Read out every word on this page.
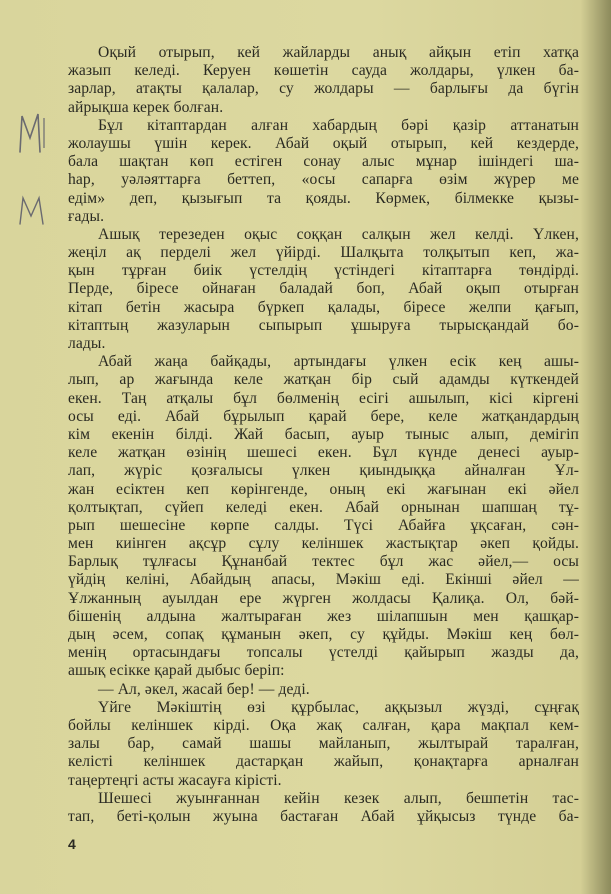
Оқый отырып, кей жайларды анық айқын етіп хатқа
жазып келеді. Керуен көшетін сауда жолдары, үлкен ба-
зарлар, атақты қалалар, су жолдары — барлығы да бүгін
айрықша керек болған.
Бұл кітаптардан алған хабардың бәрі қазір аттанатын
жолаушы үшін керек. Абай оқый отырып, кей кездерде,
бала шақтан көп естіген сонау алыс мұнар ішіндегі ша-
һар, уәләяттарға беттеп, «осы сапарға өзім жүрер ме
едім» деп, қызығып та қояды. Көрмек, білмекке қызы-
ғады.
Ашық терезеден оқыс соққан салқын жел келді. Үлкен,
жеңіл ақ перделі жел үйірді. Шалқыта толқытып кеп, жа-
қын тұрған биік үстелдің үстіндегі кітаптарға төндірді.
Перде, біресе ойнаған баладай боп, Абай оқып отырған
кітап бетін жасыра бүркеп қалады, біресе желпи қағып,
кітаптың жазуларын сыпырып ұшыруға тырысқандай бо-
лады.
Абай жаңа байқады, артындағы үлкен есік кең ашы-
лып, ар жағында келе жатқан бір сый адамды күткендей
екен. Таң атқалы бұл бөлменің есігі ашылып, кісі кіргені
осы еді. Абай бұрылып қарай бере, келе жатқандардың
кім екенін білді. Жай басып, ауыр тыныс алып, демігіп
келе жатқан өзінің шешесі екен. Бұл күнде денесі ауыр-
лап, жүріс қозғалысы үлкен қиындыққа айналған Ұл-
жан есіктен кеп көрінгенде, оның екі жағынан екі әйел
қолтықтап, сүйеп келеді екен. Абай орнынан шапшаң тұ-
рып шешесіне көрпе салды. Түсі Абайға ұқсаған, сән-
мен киінген ақсұр сұлу келіншек жастықтар әкеп қойды.
Барлық тұлғасы Құнанбай тектес бұл жас әйел,— осы
үйдің келіні, Абайдың апасы, Мәкіш еді. Екінші әйел —
Ұлжанның ауылдан ере жүрген жолдасы Қалиқа. Ол, бәй-
бішенің алдына жалтыраған жез шілапшын мен қашқар-
дың әсем, сопақ құманын әкеп, су құйды. Мәкіш кең бөл-
менің ортасындағы топсалы үстелді қайырып жазды да,
ашық есікке қарай дыбыс беріп:
— Ал, әкел, жасай бер! — деді.
Үйге Мәкіштің өзі құрбылас, аққызыл жүзді, сұңғақ
бойлы келіншек кірді. Оқа жақ салған, қара мақпал кем-
залы бар, самай шашы майланып, жылтырай таралған,
келісті келіншек дастарқан жайып, қонақтарға арналған
таңертеңгі асты жасауға кірісті.
Шешесі жуынғаннан кейін кезек алып, бешпетін тас-
тап, беті-қолын жуына бастаған Абай ұйқысыз түнде ба-
4
